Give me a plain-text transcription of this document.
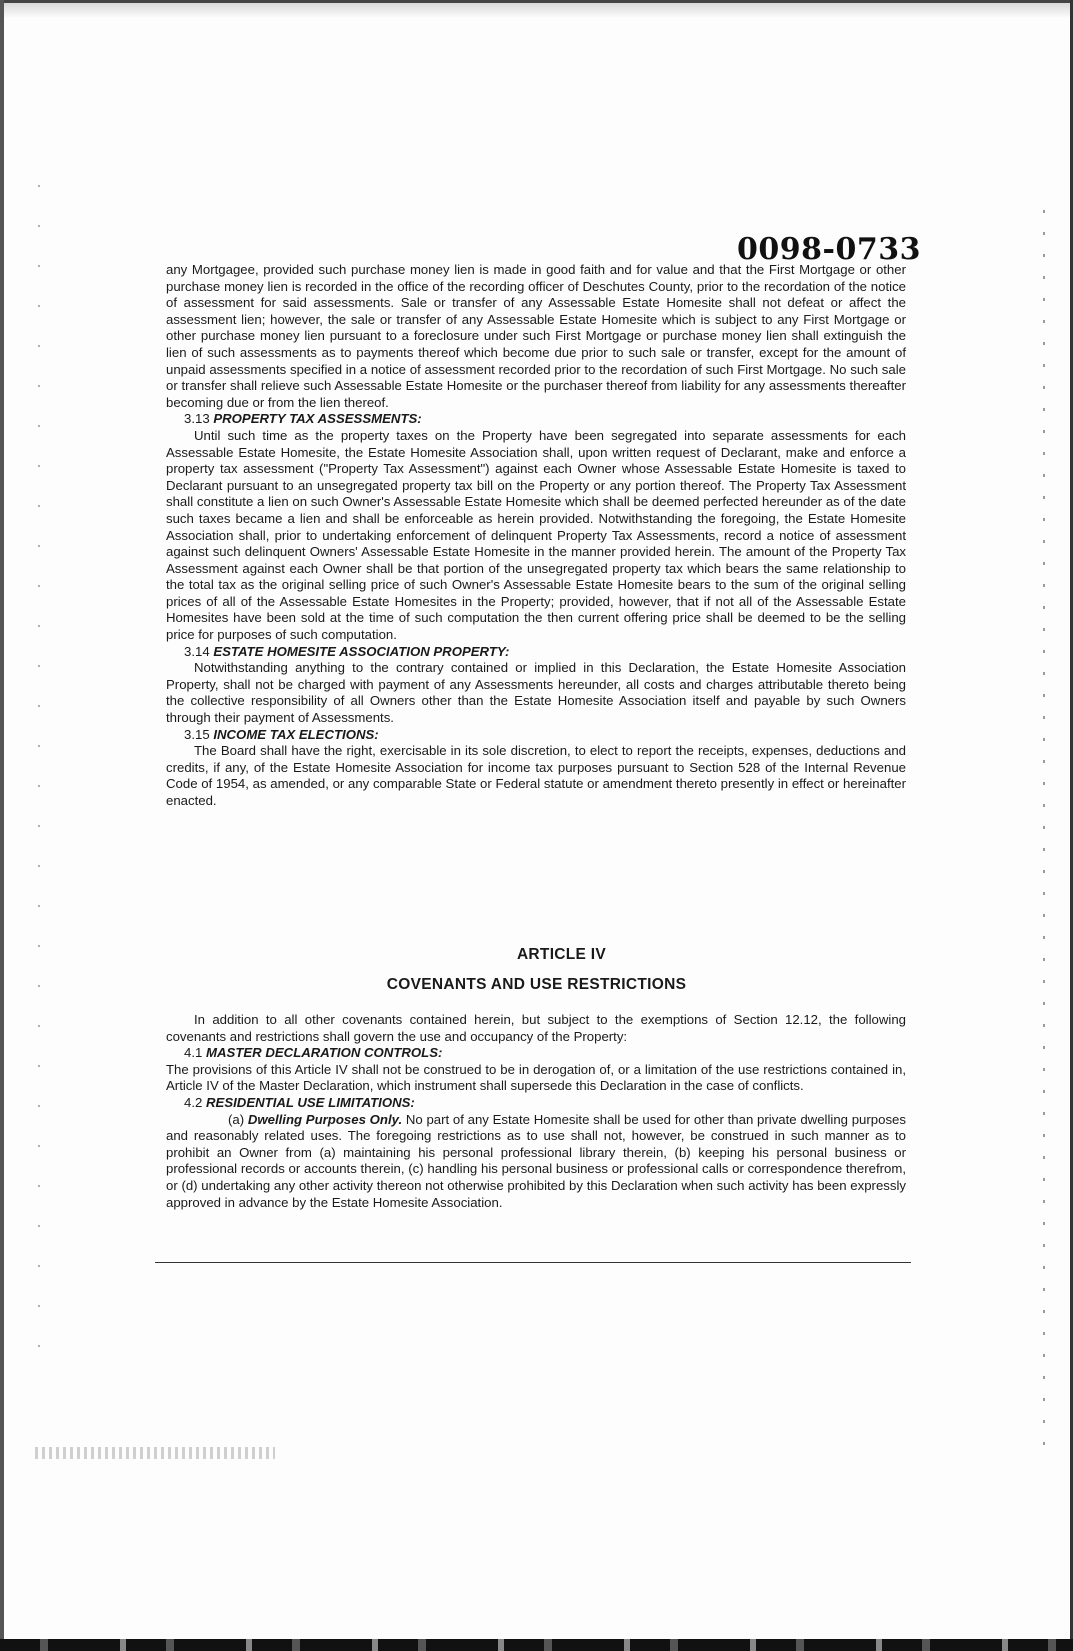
0098-0733

any Mortgagee, provided such purchase money lien is made in good faith and for value and that the First Mortgage or other purchase money lien is recorded in the office of the recording officer of Deschutes County, prior to the recordation of the notice of assessment for said assessments. Sale or transfer of any Assessable Estate Homesite shall not defeat or affect the assessment lien; however, the sale or transfer of any Assessable Estate Homesite which is subject to any First Mortgage or other purchase money lien pursuant to a foreclosure under such First Mortgage or purchase money lien shall extinguish the lien of such assessments as to payments thereof which become due prior to such sale or transfer, except for the amount of unpaid assessments specified in a notice of assessment recorded prior to the recordation of such First Mortgage. No such sale or transfer shall relieve such Assessable Estate Homesite or the purchaser thereof from liability for any assessments thereafter becoming due or from the lien thereof.

3.13 PROPERTY TAX ASSESSMENTS:

Until such time as the property taxes on the Property have been segregated into separate assessments for each Assessable Estate Homesite, the Estate Homesite Association shall, upon written request of Declarant, make and enforce a property tax assessment ("Property Tax Assessment") against each Owner whose Assessable Estate Homesite is taxed to Declarant pursuant to an unsegregated property tax bill on the Property or any portion thereof. The Property Tax Assessment shall constitute a lien on such Owner's Assessable Estate Homesite which shall be deemed perfected hereunder as of the date such taxes became a lien and shall be enforceable as herein provided. Notwithstanding the foregoing, the Estate Homesite Association shall, prior to undertaking enforcement of delinquent Property Tax Assessments, record a notice of assessment against such delinquent Owners' Assessable Estate Homesite in the manner provided herein. The amount of the Property Tax Assessment against each Owner shall be that portion of the unsegregated property tax which bears the same relationship to the total tax as the original selling price of such Owner's Assessable Estate Homesite bears to the sum of the original selling prices of all of the Assessable Estate Homesites in the Property; provided, however, that if not all of the Assessable Estate Homesites have been sold at the time of such computation the then current offering price shall be deemed to be the selling price for purposes of such computation.

3.14 ESTATE HOMESITE ASSOCIATION PROPERTY:

Notwithstanding anything to the contrary contained or implied in this Declaration, the Estate Homesite Association Property, shall not be charged with payment of any Assessments hereunder, all costs and charges attributable thereto being the collective responsibility of all Owners other than the Estate Homesite Association itself and payable by such Owners through their payment of Assessments.

3.15 INCOME TAX ELECTIONS:

The Board shall have the right, exercisable in its sole discretion, to elect to report the receipts, expenses, deductions and credits, if any, of the Estate Homesite Association for income tax purposes pursuant to Section 528 of the Internal Revenue Code of 1954, as amended, or any comparable State or Federal statute or amendment thereto presently in effect or hereinafter enacted.

ARTICLE IV
COVENANTS AND USE RESTRICTIONS

In addition to all other covenants contained herein, but subject to the exemptions of Section 12.12, the following covenants and restrictions shall govern the use and occupancy of the Property:

4.1 MASTER DECLARATION CONTROLS:

The provisions of this Article IV shall not be construed to be in derogation of, or a limitation of the use restrictions contained in, Article IV of the Master Declaration, which instrument shall supersede this Declaration in the case of conflicts.

4.2 RESIDENTIAL USE LIMITATIONS:

(a) Dwelling Purposes Only. No part of any Estate Homesite shall be used for other than private dwelling purposes and reasonably related uses. The foregoing restrictions as to use shall not, however, be construed in such manner as to prohibit an Owner from (a) maintaining his personal professional library therein, (b) keeping his personal business or professional records or accounts therein, (c) handling his personal business or professional calls or correspondence therefrom, or (d) undertaking any other activity thereon not otherwise prohibited by this Declaration when such activity has been expressly approved in advance by the Estate Homesite Association.
